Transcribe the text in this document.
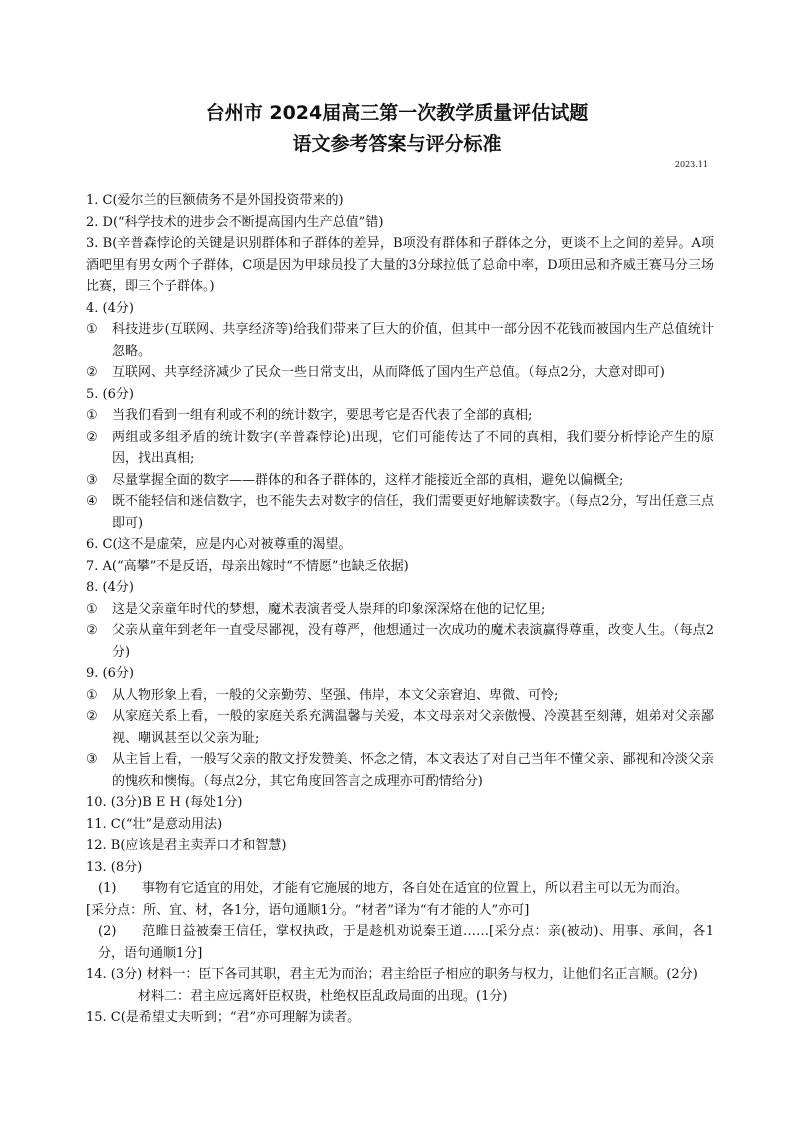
台州市 2024届高三第一次教学质量评估试题
语文参考答案与评分标准
2023.11
1. C(爱尔兰的巨额债务不是外国投资带来的)
2. D(“科学技术的进步会不断提高国内生产总值”错)
3. B(辛普森悖论的关键是识别群体和子群体的差异，B项没有群体和子群体之分，更谈不上之间的差异。A项酒吧里有男女两个子群体，C项是因为甲球员投了大量的3分球拉低了总命中率，D项田忌和齐威王赛马分三场比赛，即三个子群体。)
4. (4分)
①	科技进步(互联网、共享经济等)给我们带来了巨大的价值，但其中一部分因不花钱而被国内生产总值统计忽略。
②	互联网、共享经济减少了民众一些日常支出，从而降低了国内生产总值。（每点2分，大意对即可)
5. (6分)
①	当我们看到一组有利或不利的统计数字，要思考它是否代表了全部的真相;
②	两组或多组矛盾的统计数字(辛普森悖论)出现，它们可能传达了不同的真相，我们要分析悖论产生的原因，找出真相;
③	尽量掌握全面的数字——群体的和各子群体的，这样才能接近全部的真相，避免以偏概全;
④	既不能轻信和迷信数字，也不能失去对数字的信任，我们需要更好地解读数字。（每点2分，写出任意三点即可)
6. C(这不是虚荣，应是内心对被尊重的渴望。
7. A(“高攀”不是反语，母亲出嫁时“不情愿”也缺乏依据)
8. (4分)
①	这是父亲童年时代的梦想，魔术表演者受人崇拜的印象深深烙在他的记忆里;
②	父亲从童年到老年一直受尽鄙视，没有尊严，他想通过一次成功的魔术表演赢得尊重，改变人生。（每点2分)
9. (6分)
①	从人物形象上看，一般的父亲勤劳、坚强、伟岸，本文父亲窘迫、卑微、可怜;
②	从家庭关系上看，一般的家庭关系充满温馨与关爱，本文母亲对父亲傲慢、冷漠甚至刻薄，姐弟对父亲鄙视、嘲讽甚至以父亲为耻;
③	从主旨上看，一般写父亲的散文抒发赞美、怀念之情，本文表达了对自己当年不懂父亲、鄙视和冷淡父亲的愧疚和懊悔。（每点2分，其它角度回答言之成理亦可酌情给分)
10. (3分)B E H (每处1分)
11. C(“壮”是意动用法)
12. B(应该是君主卖弄口才和智慧)
13. (8分)
(1) 事物有它适宜的用处，才能有它施展的地方，各自处在适宜的位置上，所以君主可以无为而治。
[采分点：所、宜、材，各1分，语句通顺1分。“材者”译为“有才能的人”亦可]
(2) 范睢日益被秦王信任，掌权执政，于是趁机劝说秦王道……[采分点：亲(被动)、用事、承间，各1分，语句通顺1分]
14. (3分) 材料一：臣下各司其职，君主无为而治；君主给臣子相应的职务与权力，让他们名正言顺。(2分)
材料二：君主应远离奸臣权贵，杜绝权臣乱政局面的出现。(1分)
15. C(是希望丈夫听到；“君”亦可理解为读者。
